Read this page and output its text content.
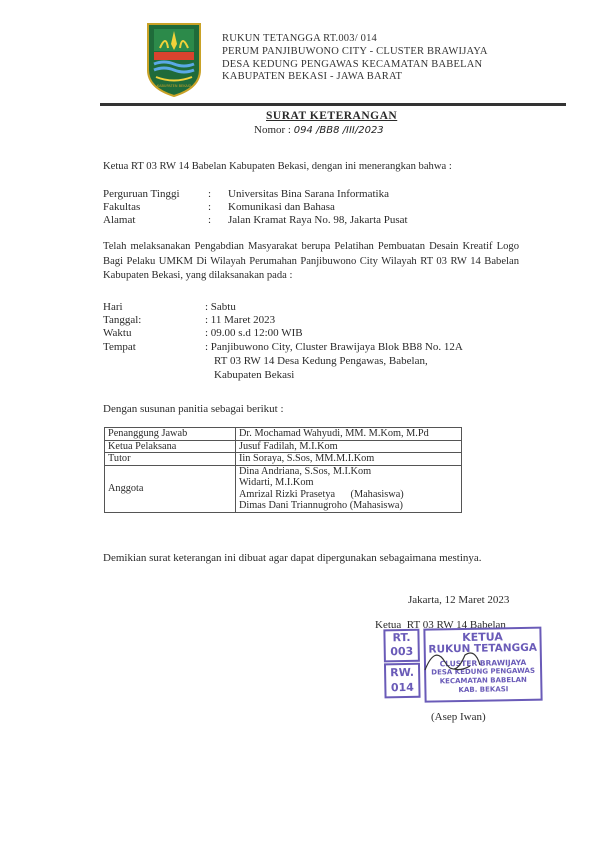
KABUPATEN BEKASI
RUKUN TETANGGA RT.003/ 014
PERUM PANJIBUWONO CITY - CLUSTER BRAWIJAYA
DESA KEDUNG PENGAWAS KECAMATAN BABELAN
KABUPATEN BEKASI - JAWA BARAT
SURAT KETERANGAN
Nomor : 094 /BB8 /III/2023
Ketua RT 03 RW 14 Babelan Kabupaten Bekasi, dengan ini menerangkan bahwa :
Perguruan Tinggi	: Universitas Bina Sarana Informatika
Fakultas	: Komunikasi dan Bahasa
Alamat	: Jalan Kramat Raya No. 98, Jakarta Pusat
Telah melaksanakan Pengabdian Masyarakat berupa Pelatihan Pembuatan Desain Kreatif Logo Bagi Pelaku UMKM Di Wilayah Perumahan Panjibuwono City Wilayah RT 03 RW 14 Babelan Kabupaten Bekasi, yang dilaksanakan pada :
Hari	: Sabtu
Tanggal:	: 11 Maret 2023
Waktu	: 09.00 s.d 12:00 WIB
Tempat	: Panjibuwono City, Cluster Brawijaya Blok BB8 No. 12A
RT 03 RW 14 Desa Kedung Pengawas, Babelan,
Kabupaten Bekasi
Dengan susunan panitia sebagai berikut :
Penanggung Jawab	Dr. Mochamad Wahyudi, MM. M.Kom, M.Pd
Ketua Pelaksana	Jusuf Fadilah, M.I.Kom
Tutor	Iin Soraya, S.Sos, MM.M.I.Kom
Anggota	Dina Andriana, S.Sos, M.I.Kom
Widarti, M.I.Kom
Amrizal Rizki Prasetya      (Mahasiswa)
Dimas Dani Triannugroho (Mahasiswa)
Demikian surat keterangan ini dibuat agar dapat dipergunakan sebagaimana mestinya.
Jakarta, 12 Maret 2023
Ketua  RT 03 RW 14 Babelan
RT.
003
RW.
014
KETUA
RUKUN TETANGGA
CLUSTER BRAWIJAYA
DESA KEDUNG PENGAWAS
KECAMATAN BABELAN
KAB. BEKASI
(Asep Iwan)
